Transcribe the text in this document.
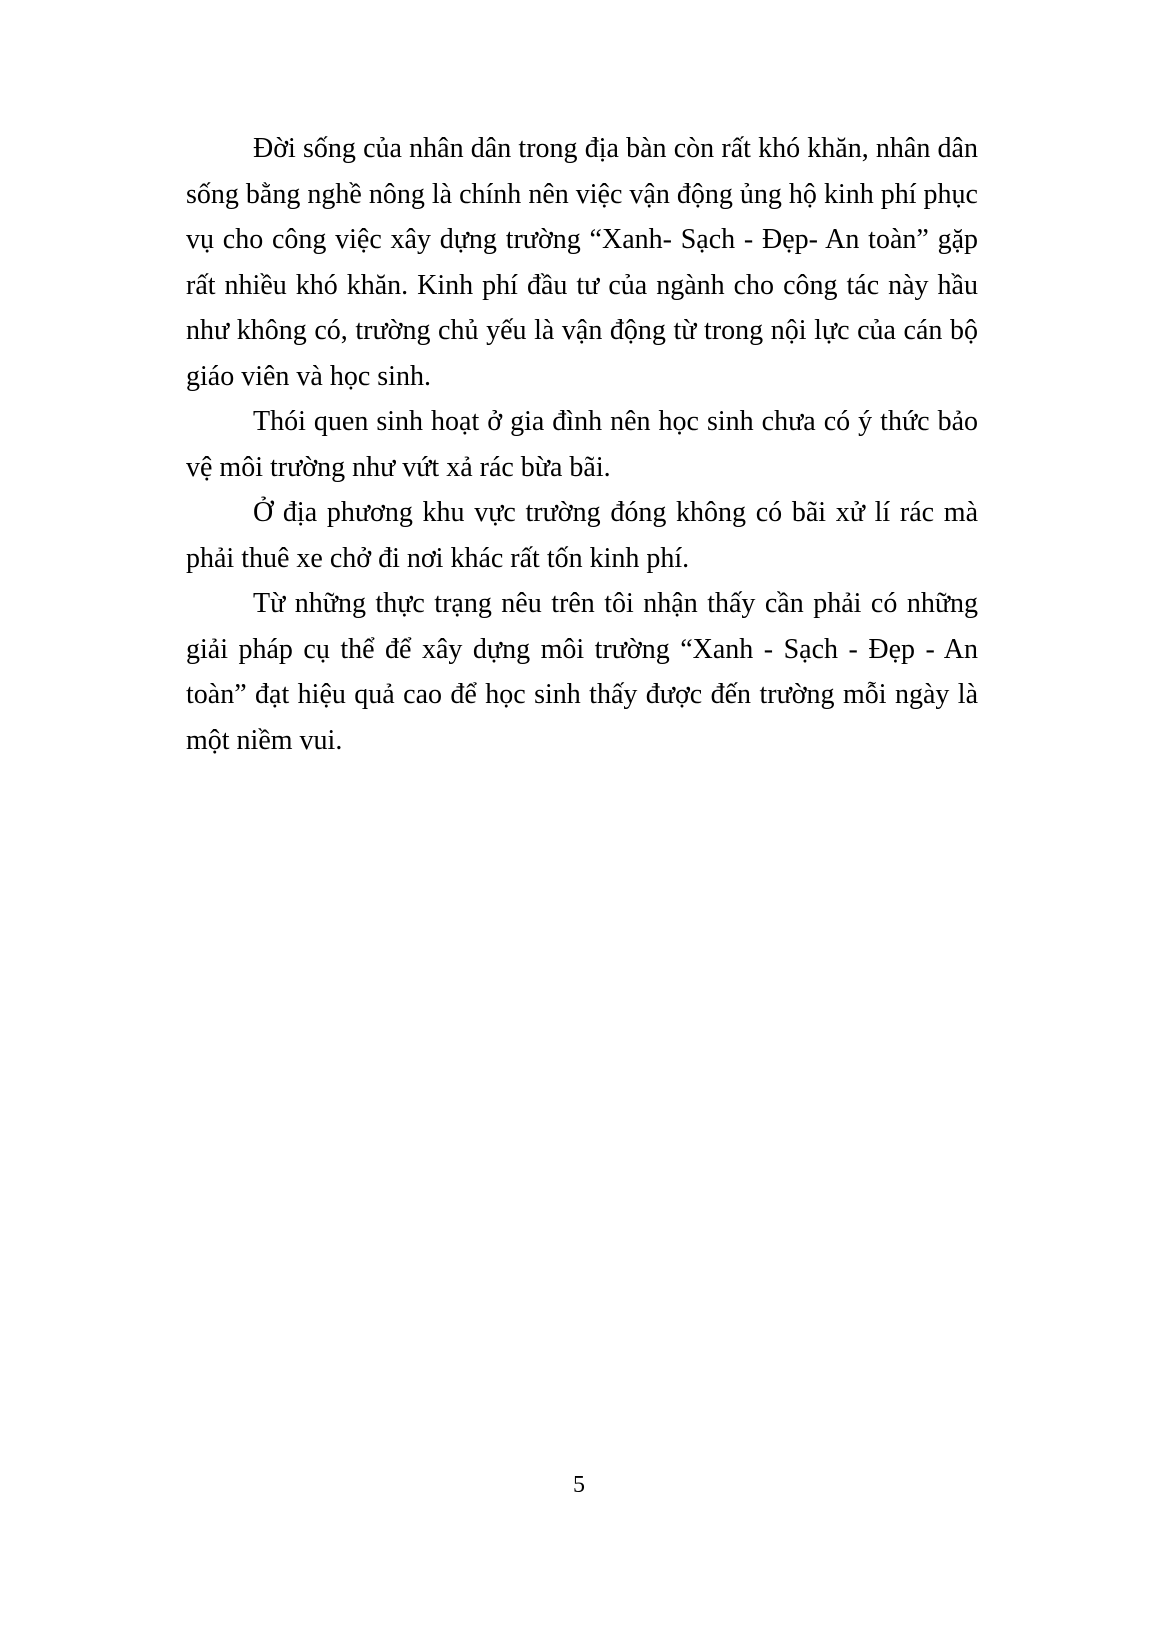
Đời sống của nhân dân trong địa bàn còn rất khó khăn, nhân dân sống bằng nghề nông là chính nên việc vận động ủng hộ kinh phí phục vụ cho công việc xây dựng trường “Xanh- Sạch - Đẹp- An toàn” gặp rất nhiều khó khăn. Kinh phí đầu tư của ngành cho công tác này hầu như không có, trường chủ yếu là vận động từ trong nội lực của cán bộ giáo viên và học sinh.

Thói quen sinh hoạt ở gia đình nên học sinh chưa có ý thức bảo vệ môi trường như vứt xả rác bừa bãi.

Ở địa phương khu vực trường đóng không có bãi xử lí rác mà phải thuê xe chở đi nơi khác rất tốn kinh phí.

Từ những thực trạng nêu trên tôi nhận thấy cần phải có những giải pháp cụ thể để xây dựng môi trường “Xanh - Sạch - Đẹp - An toàn” đạt hiệu quả cao để học sinh thấy được đến trường mỗi ngày là một niềm vui.

5
